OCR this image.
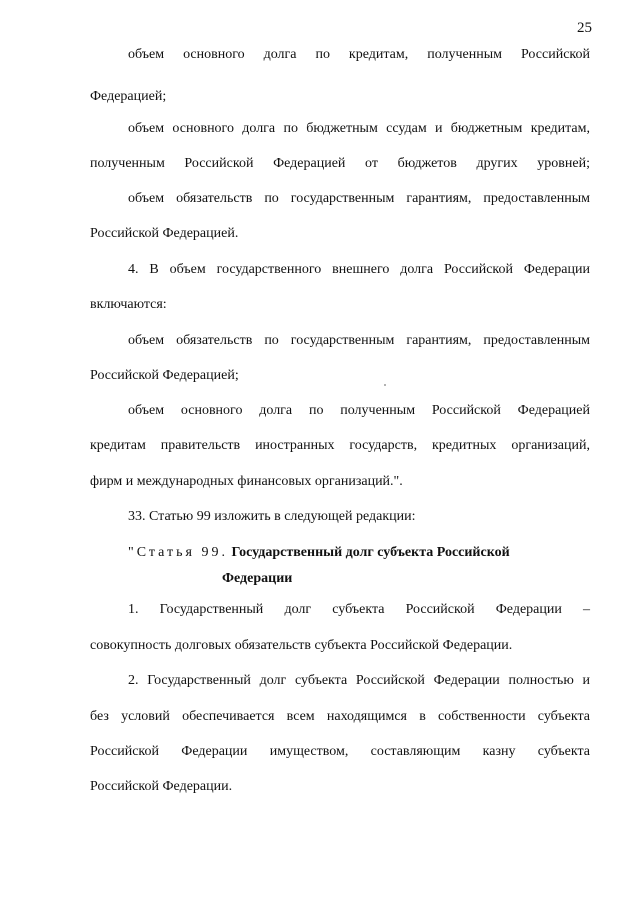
25
объем основного долга по кредитам, полученным Российской
Федерацией;
объем основного долга по бюджетным ссудам и бюджетным кредитам,
полученным Российской Федерацией от бюджетов других уровней;
объем обязательств по государственным гарантиям, предоставленным
Российской Федерацией.
4. В объем государственного внешнего долга Российской Федерации
включаются:
объем обязательств по государственным гарантиям, предоставленным
Российской Федерацией;
объем основного долга по полученным Российской Федерацией
кредитам правительств иностранных государств, кредитных организаций,
фирм и международных финансовых организаций.".
33. Статью 99 изложить в следующей редакции:
"Статья 99. Государственный долг субъекта Российской
Федерации
1. Государственный долг субъекта Российской Федерации –
совокупность долговых обязательств субъекта Российской Федерации.
2. Государственный долг субъекта Российской Федерации полностью и
без условий обеспечивается всем находящимся в собственности субъекта
Российской Федерации имуществом, составляющим казну субъекта
Российской Федерации.
